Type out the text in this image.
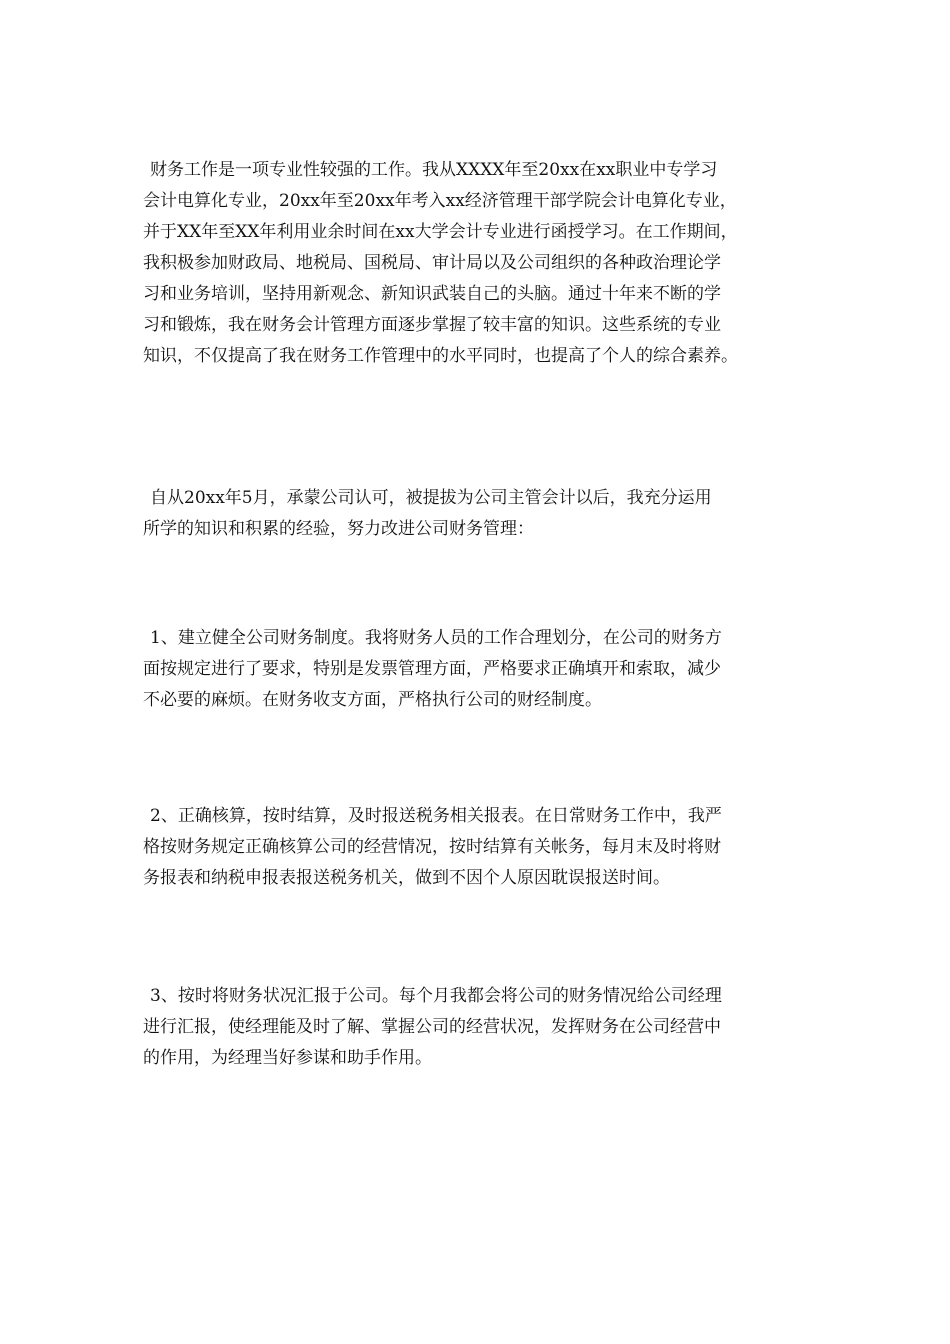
财务工作是一项专业性较强的工作。我从XXXX年至20xx在xx职业中专学习
会计电算化专业，20xx年至20xx年考入xx经济管理干部学院会计电算化专业，
并于XX年至XX年利用业余时间在xx大学会计专业进行函授学习。在工作期间，
我积极参加财政局、地税局、国税局、审计局以及公司组织的各种政治理论学
习和业务培训，坚持用新观念、新知识武装自己的头脑。通过十年来不断的学
习和锻炼，我在财务会计管理方面逐步掌握了较丰富的知识。这些系统的专业
知识，不仅提高了我在财务工作管理中的水平同时，也提高了个人的综合素养。

自从20xx年5月，承蒙公司认可，被提拔为公司主管会计以后，我充分运用
所学的知识和积累的经验，努力改进公司财务管理：

1、建立健全公司财务制度。我将财务人员的工作合理划分，在公司的财务方
面按规定进行了要求，特别是发票管理方面，严格要求正确填开和索取，减少
不必要的麻烦。在财务收支方面，严格执行公司的财经制度。

2、正确核算，按时结算，及时报送税务相关报表。在日常财务工作中，我严
格按财务规定正确核算公司的经营情况，按时结算有关帐务，每月末及时将财
务报表和纳税申报表报送税务机关，做到不因个人原因耽误报送时间。

3、按时将财务状况汇报于公司。每个月我都会将公司的财务情况给公司经理
进行汇报，使经理能及时了解、掌握公司的经营状况，发挥财务在公司经营中
的作用，为经理当好参谋和助手作用。
